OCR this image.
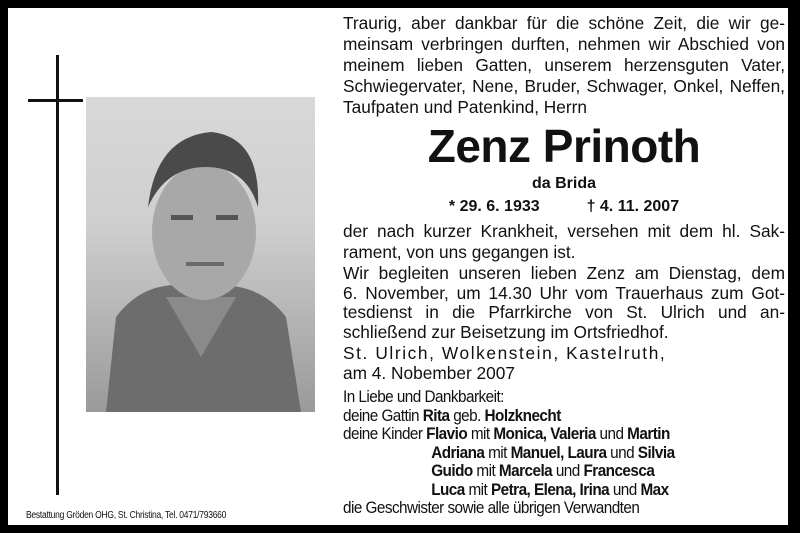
Traurig, aber dankbar für die schöne Zeit, die wir ge-
meinsam verbringen durften, nehmen wir Abschied von
meinem lieben Gatten, unserem herzensguten Vater,
Schwiegervater, Nene, Bruder, Schwager, Onkel, Neffen,
Taufpaten und Patenkind, Herrn
Zenz Prinoth
da Brida
* 29. 6. 1933	† 4. 11. 2007
der nach kurzer Krankheit, versehen mit dem hl. Sak-
rament, von uns gegangen ist.
Wir begleiten unseren lieben Zenz am Dienstag, dem
6. November, um 14.30 Uhr vom Trauerhaus zum Got-
tesdienst in die Pfarrkirche von St. Ulrich und an-
schließend zur Beisetzung im Ortsfriedhof.
St. Ulrich, Wolkenstein, Kastelruth,
am 4. Nobember 2007
In Liebe und Dankbarkeit:
deine Gattin Rita geb. Holzknecht
deine Kinder Flavio mit Monica, Valeria und Martin
Adriana mit Manuel, Laura und Silvia
Guido mit Marcela und Francesca
Luca mit Petra, Elena, Irina und Max
die Geschwister sowie alle übrigen Verwandten
Bestattung Gröden OHG, St. Christina, Tel. 0471/793660
